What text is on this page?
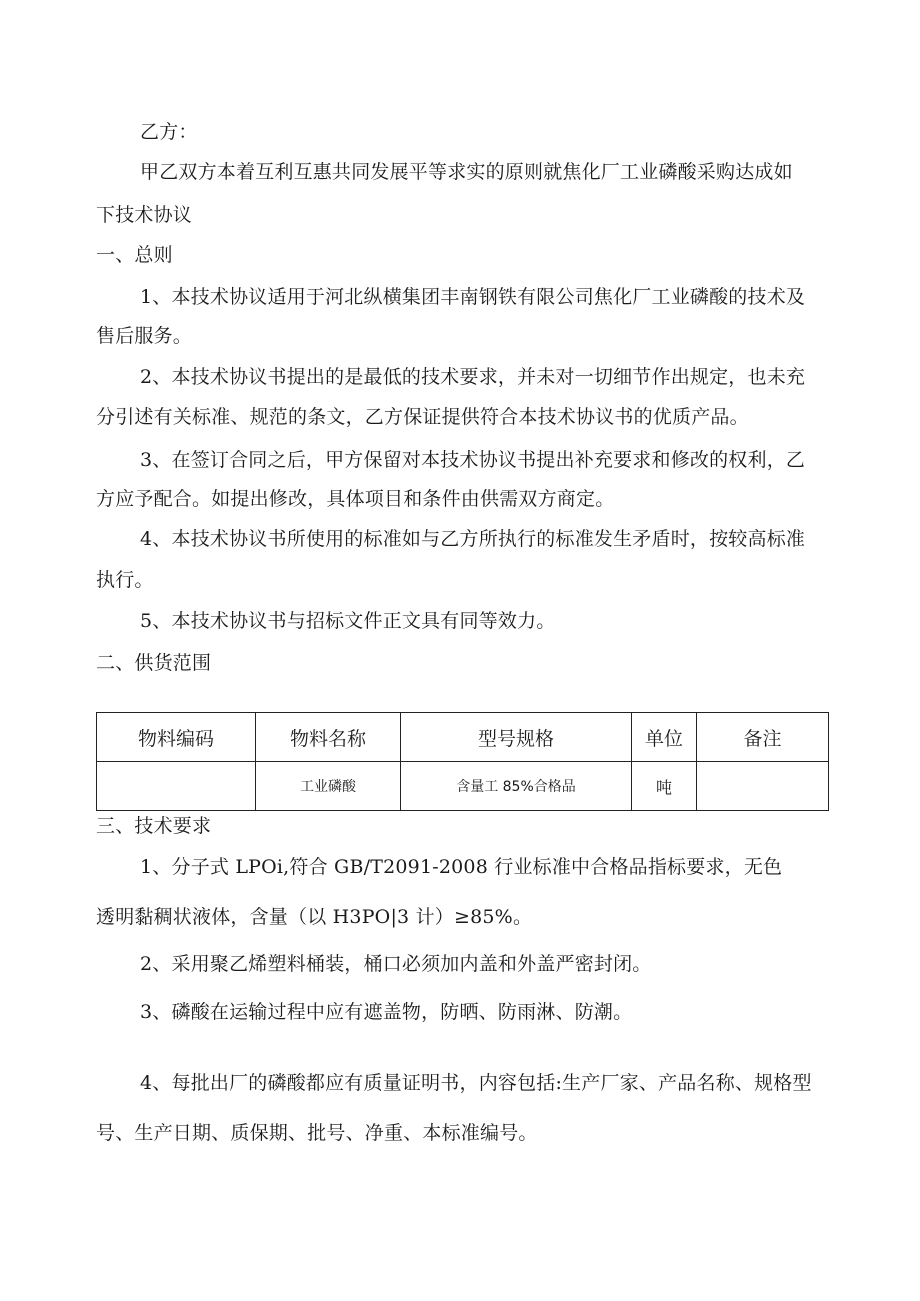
乙方：
甲乙双方本着互利互惠共同发展平等求实的原则就焦化厂工业磷酸采购达成如
下技术协议
一、总则
1、本技术协议适用于河北纵横集团丰南钢铁有限公司焦化厂工业磷酸的技术及
售后服务。
2、本技术协议书提出的是最低的技术要求，并未对一切细节作出规定，也未充
分引述有关标准、规范的条文，乙方保证提供符合本技术协议书的优质产品。
3、在签订合同之后，甲方保留对本技术协议书提出补充要求和修改的权利，乙
方应予配合。如提出修改，具体项目和条件由供需双方商定。
4、本技术协议书所使用的标准如与乙方所执行的标准发生矛盾时，按较高标准
执行。
5、本技术协议书与招标文件正文具有同等效力。
二、供货范围
物料编码	物料名称	型号规格	单位	备注
	工业磷酸	含量工 85%合格品	吨	
三、技术要求
1、分子式 LPOi,符合 GB/T2091-2008 行业标准中合格品指标要求，无色
透明黏稠状液体，含量（以 H3PO|3 计）≥85%。
2、采用聚乙烯塑料桶装，桶口必须加内盖和外盖严密封闭。
3、磷酸在运输过程中应有遮盖物，防晒、防雨淋、防潮。
4、每批出厂的磷酸都应有质量证明书，内容包括:生产厂家、产品名称、规格型
号、生产日期、质保期、批号、净重、本标准编号。
